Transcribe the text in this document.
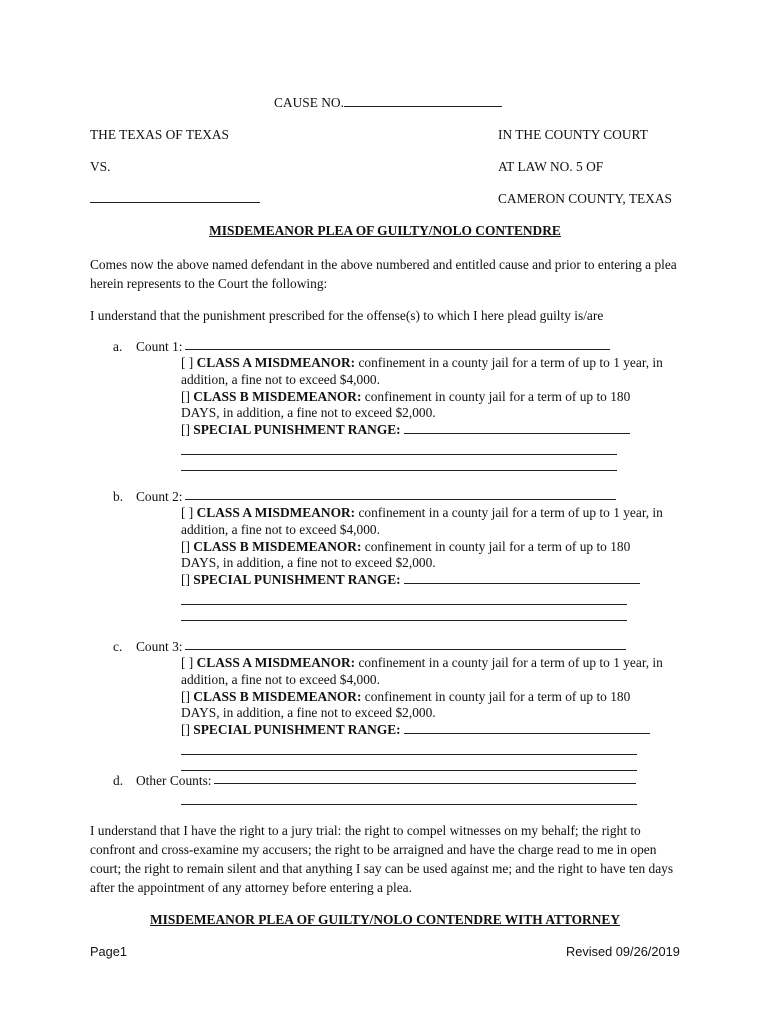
CAUSE NO.
THE TEXAS OF TEXAS
VS.
IN THE COUNTY COURT
AT LAW NO. 5 OF
CAMERON COUNTY, TEXAS
MISDEMEANOR PLEA OF GUILTY/NOLO CONTENDRE
Comes now the above named defendant in the above numbered and entitled cause and prior to entering a plea herein represents to the Court the following:
I understand that the punishment prescribed for the offense(s) to which I here plead guilty is/are
a.	Count 1:
[ ] CLASS A MISDMEANOR: confinement in a county jail for a term of up to 1 year, in
addition, a fine not to exceed $4,000.
[] CLASS B MISDEMEANOR: confinement in county jail for a term of up to 180
DAYS, in addition, a fine not to exceed $2,000.
[] SPECIAL PUNISHMENT RANGE:
b. Count 2:
[ ] CLASS A MISDMEANOR: confinement in a county jail for a term of up to 1 year, in
addition, a fine not to exceed $4,000.
[] CLASS B MISDEMEANOR: confinement in county jail for a term of up to 180
DAYS, in addition, a fine not to exceed $2,000.
[] SPECIAL PUNISHMENT RANGE:
c.	Count 3:
[ ] CLASS A MISDMEANOR: confinement in a county jail for a term of up to 1 year, in
addition, a fine not to exceed $4,000.
[] CLASS B MISDEMEANOR: confinement in county jail for a term of up to 180
DAYS, in addition, a fine not to exceed $2,000.
[] SPECIAL PUNISHMENT RANGE:
d. Other Counts:
I understand that I have the right to a jury trial: the right to compel witnesses on my behalf; the right to confront and cross-examine my accusers; the right to be arraigned and have the charge read to me in open court; the right to remain silent and that anything I say can be used against me; and the right to have ten days after the appointment of any attorney before entering a plea.
MISDEMEANOR PLEA OF GUILTY/NOLO CONTENDRE WITH ATTORNEY
Page1	Revised 09/26/2019
